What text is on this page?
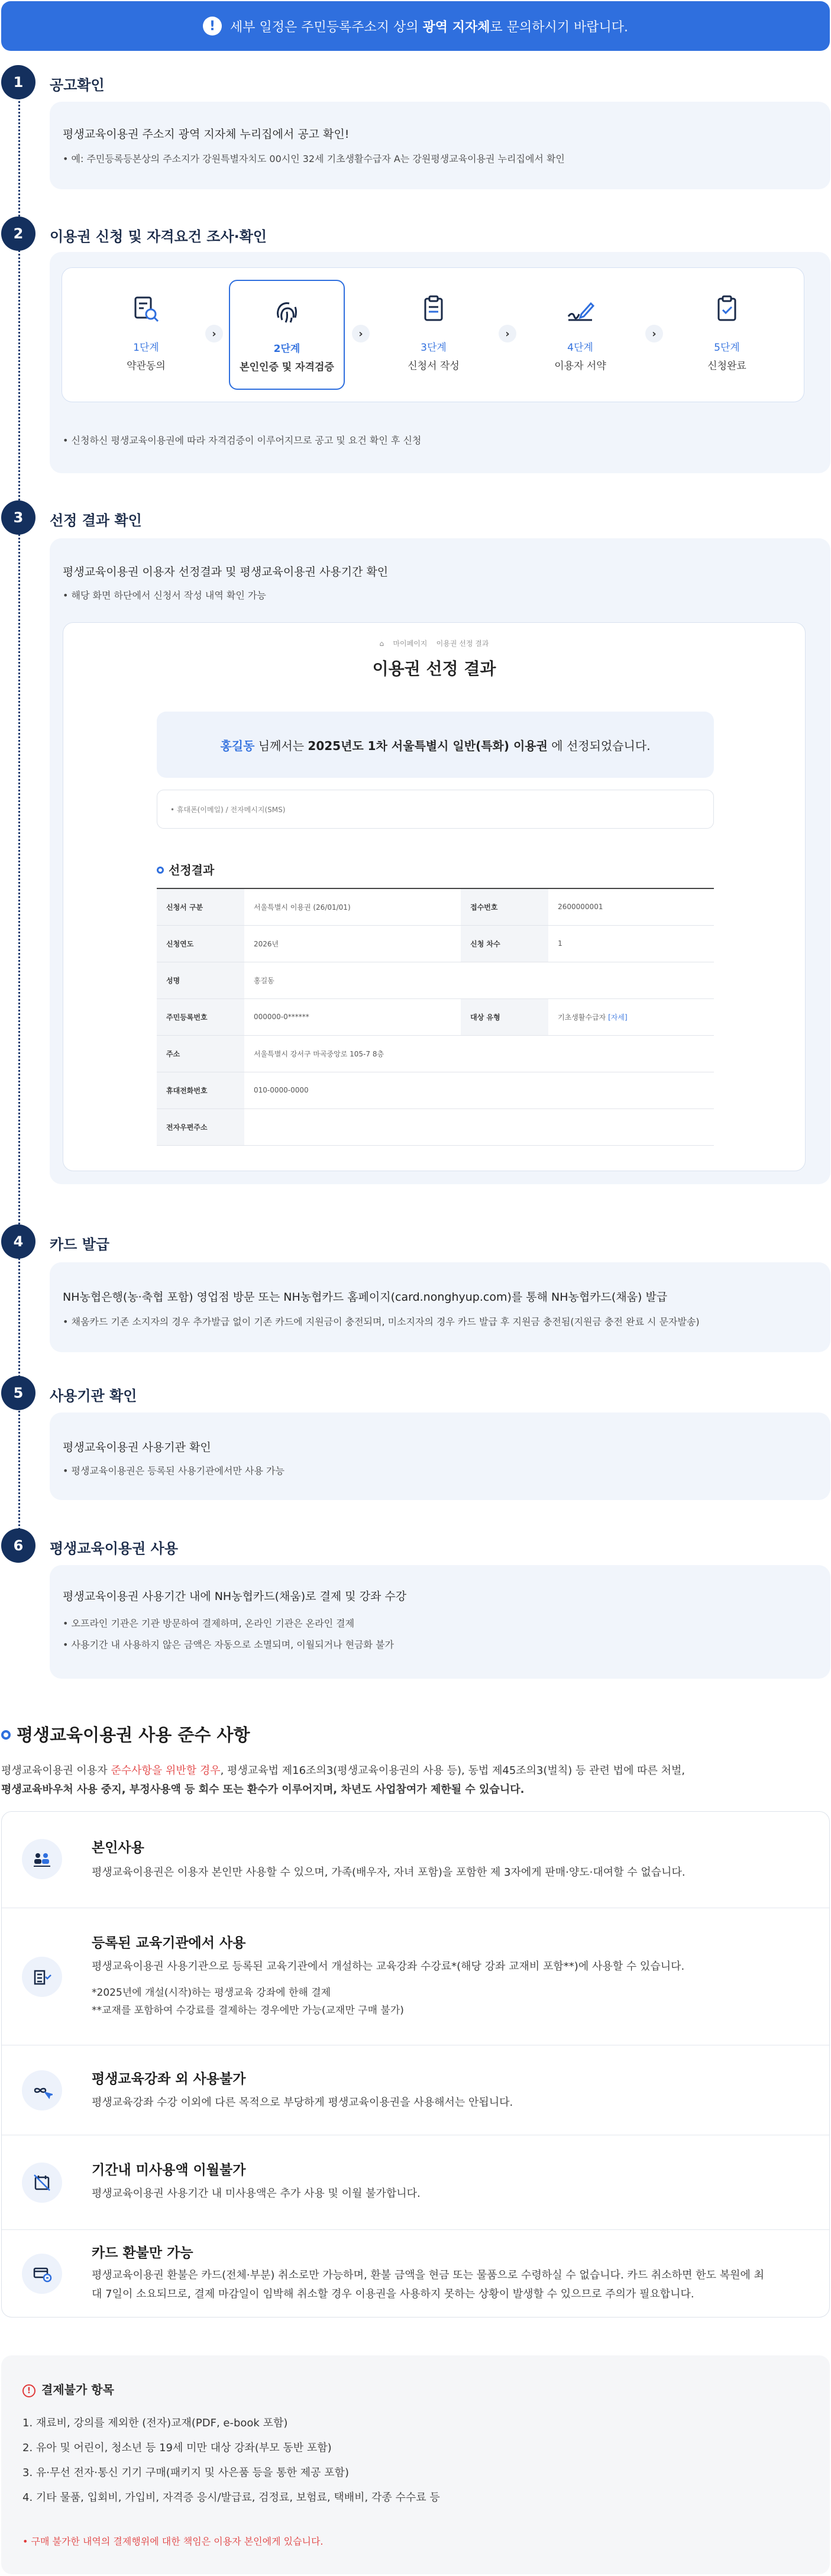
!	세부 일정은 주민등록주소지 상의 광역 지자체로 문의하시기 바랍니다.
1	공고확인
평생교육이용권 주소지 광역 지자체 누리집에서 공고 확인!
• 예: 주민등록등본상의 주소지가 강원특별자치도 00시인 32세 기초생활수급자 A는 강원평생교육이용권 누리집에서 확인
2	이용권 신청 및 자격요건 조사·확인
1단계
약관동의
›
2단계
본인인증 및 자격검증
›
3단계
신청서 작성
›
4단계
이용자 서약
›
5단계
신청완료
• 신청하신 평생교육이용권에 따라 자격검증이 이루어지므로 공고 및 요건 확인 후 신청
3	선정 결과 확인
평생교육이용권 이용자 선정결과 및 평생교육이용권 사용기간 확인
• 해당 화면 하단에서 신청서 작성 내역 확인 가능
⌂ 마이페이지 이용권 선정 결과
이용권 선정 결과
홍길동 님께서는 2025년도 1차 서울특별시 일반(특화) 이용권 에 선정되었습니다.
• 휴대폰(이메일) / 전자메시지(SMS)
선정결과
신청서 구분	서울특별시 이용권 (26/01/01)	접수번호	2600000001
신청연도	2026년	신청 차수	1
성명	홍길동		
주민등록번호	000000-0******	대상 유형	기초생활수급자 [자세]
주소	서울특별시 강서구 마곡중앙로 105-7 8층		
휴대전화번호	010-0000-0000		
전자우편주소			
4	카드 발급
NH농협은행(농·축협 포함) 영업점 방문 또는 NH농협카드 홈페이지(card.nonghyup.com)를 통해 NH농협카드(채움) 발급
• 채움카드 기존 소지자의 경우 추가발급 없이 기존 카드에 지원금이 충전되며, 미소지자의 경우 카드 발급 후 지원금 충전됨(지원금 충전 완료 시 문자발송)
5	사용기관 확인
평생교육이용권 사용기관 확인
• 평생교육이용권은 등록된 사용기관에서만 사용 가능
6	평생교육이용권 사용
평생교육이용권 사용기간 내에 NH농협카드(채움)로 결제 및 강좌 수강
• 오프라인 기관은 기관 방문하여 결제하며, 온라인 기관은 온라인 결제
• 사용기간 내 사용하지 않은 금액은 자동으로 소멸되며, 이월되거나 현금화 불가
평생교육이용권 사용 준수 사항
평생교육이용권 이용자 준수사항을 위반할 경우, 평생교육법 제16조의3(평생교육이용권의 사용 등), 동법 제45조의3(벌칙) 등 관련 법에 따른 처벌,
평생교육바우처 사용 중지, 부정사용액 등 회수 또는 환수가 이루어지며, 차년도 사업참여가 제한될 수 있습니다.
본인사용
평생교육이용권은 이용자 본인만 사용할 수 있으며, 가족(배우자, 자녀 포함)을 포함한 제 3자에게 판매·양도·대여할 수 없습니다.
등록된 교육기관에서 사용
평생교육이용권 사용기관으로 등록된 교육기관에서 개설하는 교육강좌 수강료*(해당 강좌 교재비 포함**)에 사용할 수 있습니다.
*2025년에 개설(시작)하는 평생교육 강좌에 한해 결제
**교재를 포함하여 수강료를 결제하는 경우에만 가능(교재만 구매 불가)
평생교육강좌 외 사용불가
평생교육강좌 수강 이외에 다른 목적으로 부당하게 평생교육이용권을 사용해서는 안됩니다.
기간내 미사용액 이월불가
평생교육이용권 사용기간 내 미사용액은 추가 사용 및 이월 불가합니다.
카드 환불만 가능
평생교육이용권 환불은 카드(전체·부분) 취소로만 가능하며, 환불 금액을 현금 또는 물품으로 수령하실 수 없습니다. 카드 취소하면 한도 복원에 최
대 7일이 소요되므로, 결제 마감일이 임박해 취소할 경우 이용권을 사용하지 못하는 상황이 발생할 수 있으므로 주의가 필요합니다.
! 결제불가 항목
1. 재료비, 강의를 제외한 (전자)교재(PDF, e-book 포함)
2. 유아 및 어린이, 청소년 등 19세 미만 대상 강좌(부모 동반 포함)
3. 유·무선 전자·통신 기기 구매(패키지 및 사은품 등을 통한 제공 포함)
4. 기타 물품, 입회비, 가입비, 자격증 응시/발급료, 검정료, 보험료, 택배비, 각종 수수료 등
• 구매 불가한 내역의 결제행위에 대한 책임은 이용자 본인에게 있습니다.
